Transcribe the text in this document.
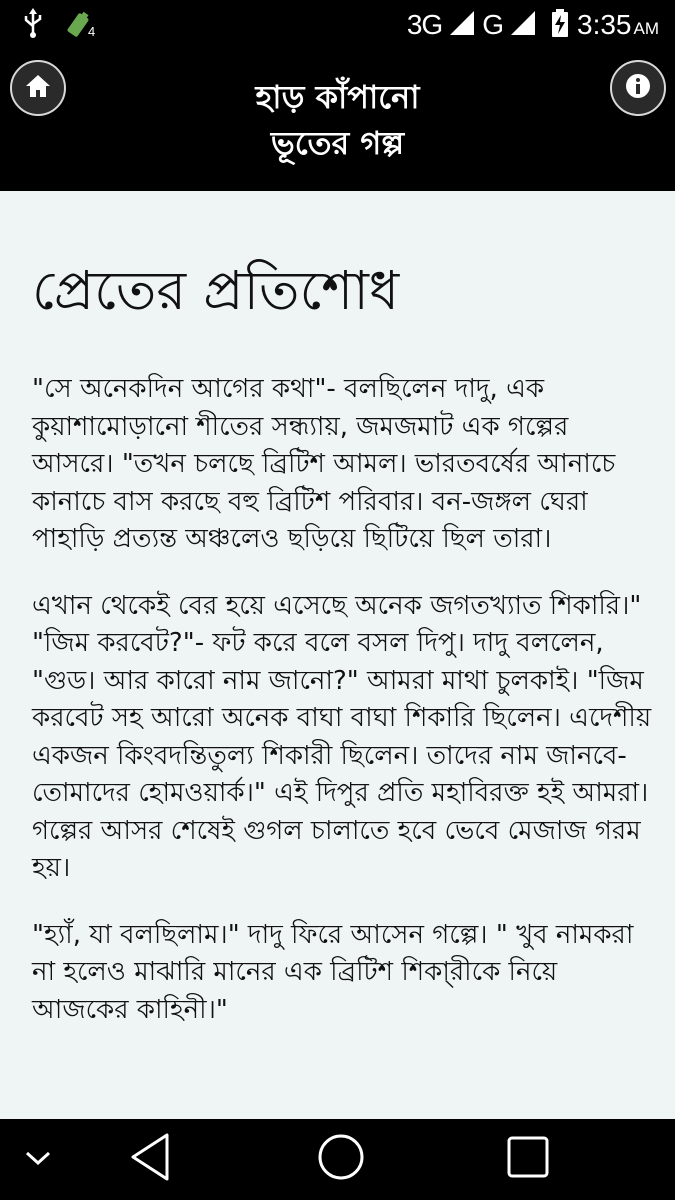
4	3G G	3:35 AM
হাড় কাঁপানো
ভূতের গল্প
প্রেতের প্রতিশোধ

"সে অনেকদিন আগের কথা"- বলছিলেন দাদু, এক কুয়াশামোড়ানো শীতের সন্ধ্যায়, জমজমাট এক গল্পের আসরে। "তখন চলছে ব্রিটিশ আমল। ভারতবর্ষের আনাচে কানাচে বাস করছে বহু ব্রিটিশ পরিবার। বন-জঙ্গল ঘেরা পাহাড়ি প্রত্যন্ত অঞ্চলেও ছড়িয়ে ছিটিয়ে ছিল তারা।

এখান থেকেই বের হয়ে এসেছে অনেক জগতখ্যাত শিকারি।" "জিম করবেট?"- ফট করে বলে বসল দিপু। দাদু বললেন, "গুড। আর কারো নাম জানো?" আমরা মাথা চুলকাই। "জিম করবেট সহ আরো অনেক বাঘা বাঘা শিকারি ছিলেন। এদেশীয় একজন কিংবদন্তিতুল্য শিকারী ছিলেন। তাদের নাম জানবে- তোমাদের হোমওয়ার্ক।" এই দিপুর প্রতি মহাবিরক্ত হই আমরা। গল্পের আসর শেষেই গুগল চালাতে হবে ভেবে মেজাজ গরম হয়।

"হ্যাঁ, যা বলছিলাম।" দাদু ফিরে আসেন গল্পে। " খুব নামকরা না হলেও মাঝারি মানের এক ব্রিটিশ শিকা্রীকে নিয়ে আজকের কাহিনী।"
